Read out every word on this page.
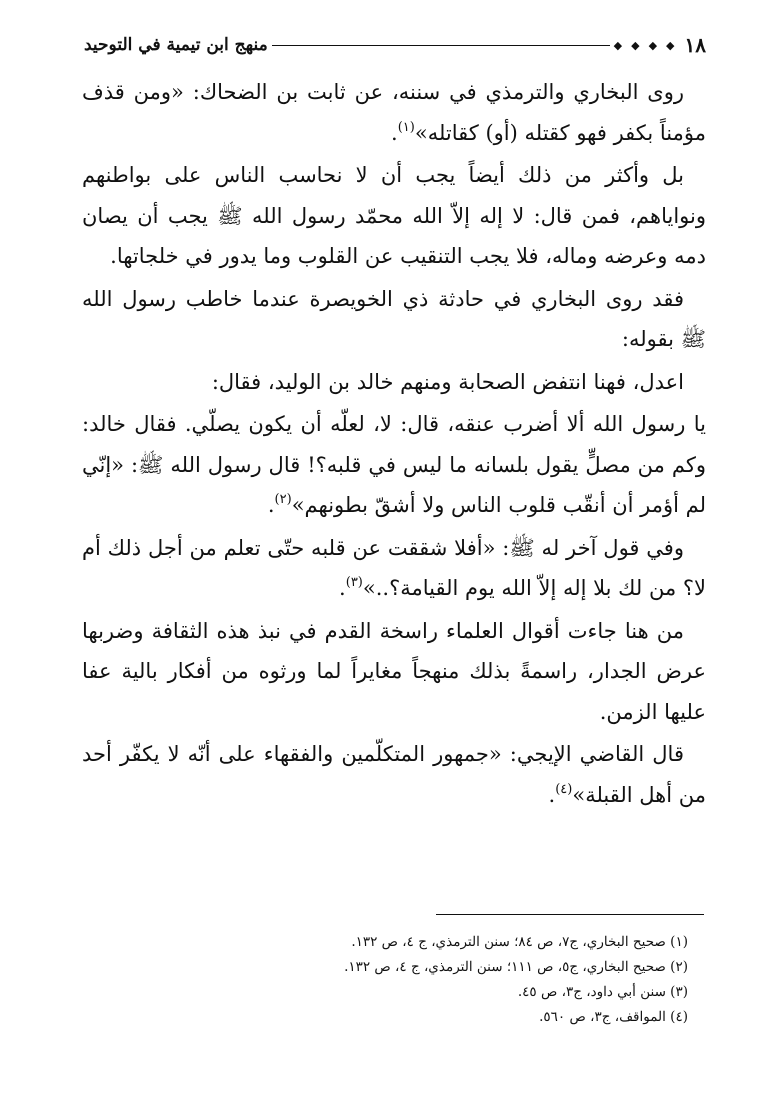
١٨
◆
◆
◆
◆
منهج ابن تيمية في التوحيد

روى البخاري والترمذي في سننه، عن ثابت بن الضحاك: «ومن قذف مؤمناً بكفر فهو كقتله (أو) كقاتله»$^{(١)}$.

بل وأكثر من ذلك أيضاً يجب أن لا نحاسب الناس على بواطنهم ونواياهم، فمن قال: لا إله إلاّ الله محمّد رسول الله ﷺ يجب أن يصان دمه وعرضه وماله، فلا يجب التنقيب عن القلوب وما يدور في خلجاتها.

فقد روى البخاري في حادثة ذي الخويصرة عندما خاطب رسول الله ﷺ بقوله:

اعدل، فهنا انتفض الصحابة ومنهم خالد بن الوليد، فقال:

يا رسول الله ألا أضرب عنقه، قال: لا، لعلّه أن يكون يصلّي. فقال خالد: وكم من مصلٍّ يقول بلسانه ما ليس في قلبه؟! قال رسول الله ﷺ: «إنّي لم أؤمر أن أنقّب قلوب الناس ولا أشقّ بطونهم»$^{(٢)}$.

وفي قول آخر له ﷺ: «أفلا شققت عن قلبه حتّى تعلم من أجل ذلك أم لا؟ من لك بلا إله إلاّ الله يوم القيامة؟..»$^{(٣)}$.

من هنا جاءت أقوال العلماء راسخة القدم في نبذ هذه الثقافة وضربها عرض الجدار، راسمةً بذلك منهجاً مغايراً لما ورثوه من أفكار بالية عفا عليها الزمن.

قال القاضي الإيجي: «جمهور المتكلّمين والفقهاء على أنّه لا يكفّر أحد من أهل القبلة»$^{(٤)}$.

(١) صحيح البخاري، ج٧، ص ٨٤؛ سنن الترمذي، ج ٤، ص ١٣٢.
(٢) صحيح البخاري، ج٥، ص ١١١؛ سنن الترمذي، ج ٤، ص ١٣٢.
(٣) سنن أبي داود، ج٣، ص ٤٥.
(٤) المواقف، ج٣، ص ٥٦٠.
